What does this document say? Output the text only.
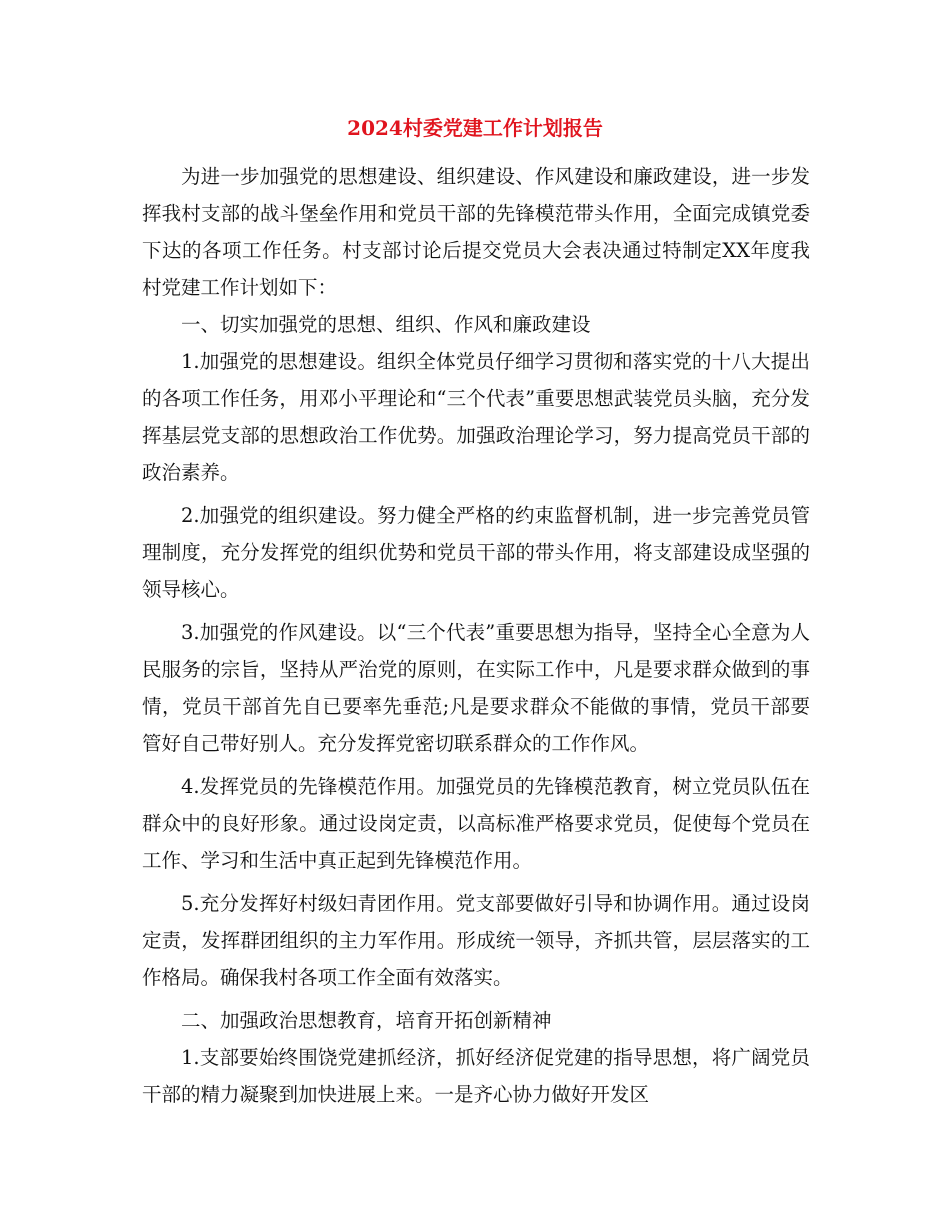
2024村委党建工作计划报告

为进一步加强党的思想建设、组织建设、作风建设和廉政建设，进一步发挥我村支部的战斗堡垒作用和党员干部的先锋模范带头作用，全面完成镇党委下达的各项工作任务。村支部讨论后提交党员大会表决通过特制定XX年度我村党建工作计划如下：

一、切实加强党的思想、组织、作风和廉政建设

1.加强党的思想建设。组织全体党员仔细学习贯彻和落实党的十八大提出的各项工作任务，用邓小平理论和“三个代表”重要思想武装党员头脑，充分发挥基层党支部的思想政治工作优势。加强政治理论学习，努力提高党员干部的政治素养。

2.加强党的组织建设。努力健全严格的约束监督机制，进一步完善党员管理制度，充分发挥党的组织优势和党员干部的带头作用，将支部建设成坚强的领导核心。

3.加强党的作风建设。以“三个代表”重要思想为指导，坚持全心全意为人民服务的宗旨，坚持从严治党的原则，在实际工作中，凡是要求群众做到的事情，党员干部首先自已要率先垂范;凡是要求群众不能做的事情，党员干部要管好自己带好别人。充分发挥党密切联系群众的工作作风。

4.发挥党员的先锋模范作用。加强党员的先锋模范教育，树立党员队伍在群众中的良好形象。通过设岗定责，以高标准严格要求党员，促使每个党员在工作、学习和生活中真正起到先锋模范作用。

5.充分发挥好村级妇青团作用。党支部要做好引导和协调作用。通过设岗定责，发挥群团组织的主力军作用。形成统一领导，齐抓共管，层层落实的工作格局。确保我村各项工作全面有效落实。

二、加强政治思想教育，培育开拓创新精神

1.支部要始终围饶党建抓经济，抓好经济促党建的指导思想，将广阔党员干部的精力凝聚到加快进展上来。一是齐心协力做好开发区
